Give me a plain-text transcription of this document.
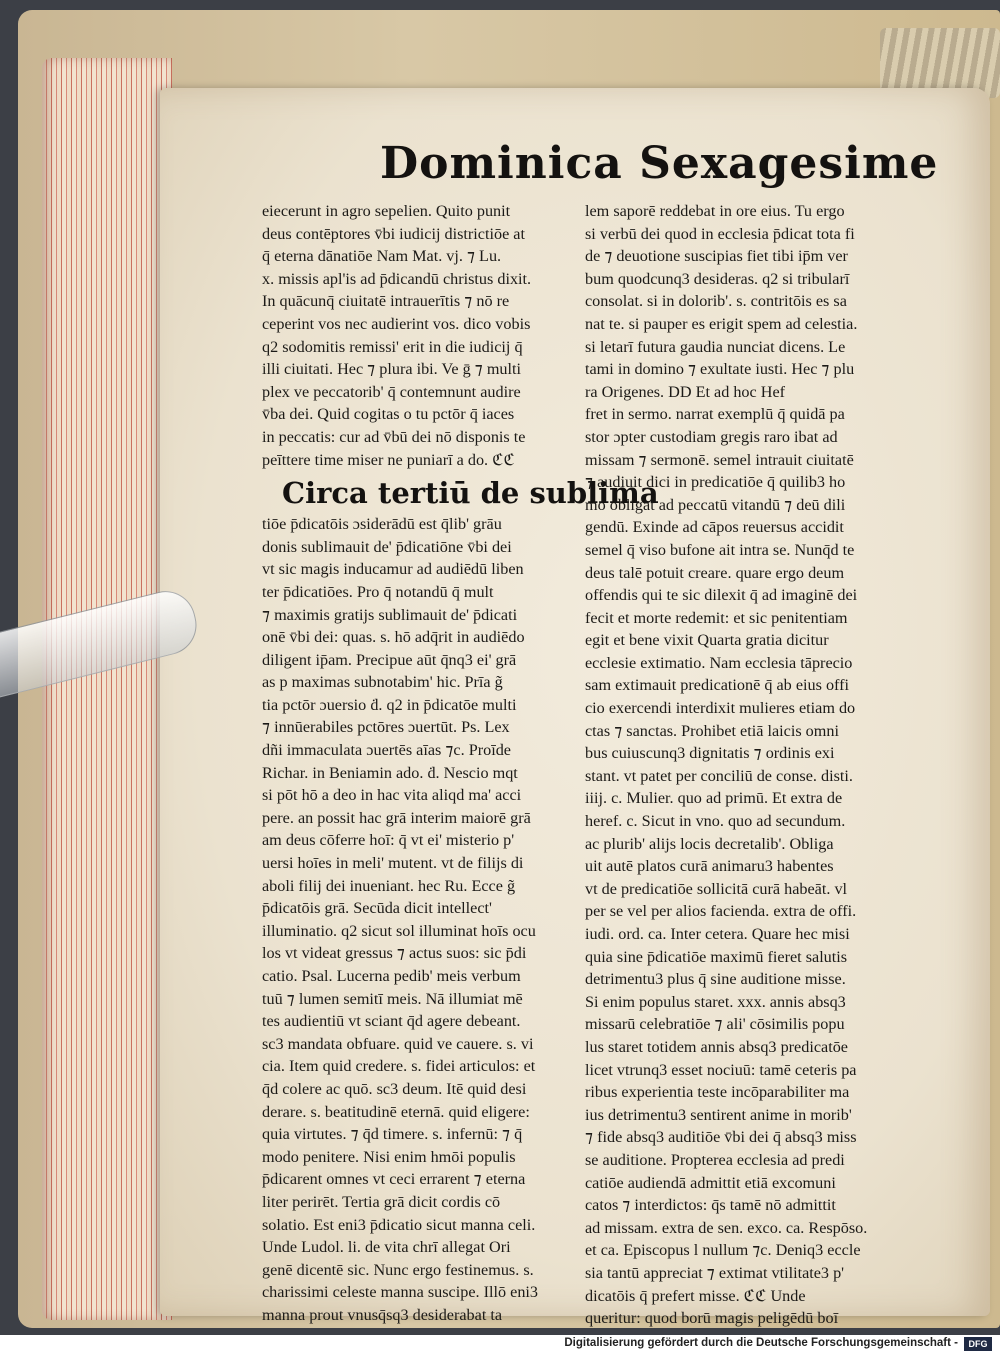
Dominica Sexagesime
eiecerunt in agro sepelien. Quito punit
deus contēptores v̄bi iudicij districtiōe at
q̄ eterna dānatiōe Nam Mat. vj. ⁊ Lu.
x. missis apl'is ad p̄dicandū christus dixit.
In quācunq̄ ciuitatē intrauerītis ⁊ nō re
ceperint vos nec audierint vos. dico vobis
q2 sodomitis remissi' erit in die iudicij q̄
illi ciuitati. Hec ⁊ plura ibi. Ve ḡ ⁊ multi
plex ve peccatorib' q̄ contemnunt audire
v̄ba dei. Quid cogitas o tu pctōr q̄ iaces
in peccatis: cur ad v̄bū dei nō disponis te
peīttere time miser ne puniarī a do. ℭℭ
Circa tertiū de sublima
tiōe p̄dicatōis ɔsiderādū est q̄lib' grāu
donis sublimauit de' p̄dicatiōne v̄bi dei
vt sic magis inducamur ad audiēdū liben
ter p̄dicatiōes. Pro q̄ notandū q̄ mult
⁊ maximis gratijs sublimauit de' p̄dicati
onē v̄bi dei: quas. s. hō adq̄rit in audiēdo
diligent ip̄am. Precipue aūt q̄nq3 ei' grā
as p maximas subnotabim' hic. Prīa g̃
tia pctōr ɔuersio ḋ. q2 in p̄dicatōe multi
⁊ innūerabiles pctōres ɔuertūt. Ps. Lex
dñi immaculata ɔuertēs aīas ⁊c. Proīde
Richar. in Beniamin ado. ḋ. Nescio mqt
si pōt hō a deo in hac vita aliqd ma' acci
pere. an possit hac grā interim maiorē grā
am deus cōferre hoī: q̄ vt ei' misterio p'
uersi hoīes in meli' mutent. vt de filijs di
aboli filij dei inueniant. hec Ru. Ecce g̃
p̄dicatōis grā. Secūda dicit intellect'
illuminatio. q2 sicut sol illuminat hoīs ocu
los vt videat gressus ⁊ actus suos: sic p̄di
catio. Psal. Lucerna pedib' meis verbum
tuū ⁊ lumen semitī meis. Nā illumiat mē
tes audientiū vt sciant q̄d agere debeant.
sc3 mandata obfuare. quid ve cauere. s. vi
cia. Item quid credere. s. fidei articulos: et
q̄d colere ac quō. sc3 deum. Itē quid desi
derare. s. beatitudinē eternā. quid eligere:
quia virtutes. ⁊ q̄d timere. s. infernū: ⁊ q̄
modo penitere. Nisi enim hmōi populis
p̄dicarent omnes vt ceci errarent ⁊ eterna
liter perirēt. Tertia grā dicit cordis cō
solatio. Est eni3 p̄dicatio sicut manna celi.
Unde Ludol. li. de vita chrī allegat Ori
genē dicentē sic. Nunc ergo festinemus. s.
charissimi celeste manna suscipe. Illō eni3
manna prout vnusq̄sq3 desiderabat ta
lem saporē reddebat in ore eius. Tu ergo
si verbū dei quod in ecclesia p̄dicat tota fi
de ⁊ deuotione suscipias fiet tibi ip̄m ver
bum quodcunq3 desideras. q2 si tribularī
consolat. si in dolorib'. s. contritōis es sa
nat te. si pauper es erigit spem ad celestia.
si letarī futura gaudia nunciat dicens. Le
tami in domino ⁊ exultate iusti. Hec ⁊ plu
ra Origenes. DD Et ad hoc Hef
fret in sermo. narrat exemplū q̄ quidā pa
stor ɔpter custodiam gregis raro ibat ad
missam ⁊ sermonē. semel intrauit ciuitatē
⁊ audiuit dici in predicatiōe q̄ quilib3 ho
mo obligat ad peccatū vitandū ⁊ deū dili
gendū. Exinde ad cāpos reuersus accidit
semel q̄ viso bufone ait intra se. Nunq̄d te
deus talē potuit creare. quare ergo deum
offendis qui te sic dilexit q̄ ad imaginē dei
fecit et morte redemit: et sic penitentiam
egit et bene vixit Quarta gratia dicitur
ecclesie extimatio. Nam ecclesia tāprecio
sam extimauit predicationē q̄ ab eius offi
cio exercendi interdixit mulieres etiam do
ctas ⁊ sanctas. Prohibet etiā laicis omni
bus cuiuscunq3 dignitatis ⁊ ordinis exi
stant. vt patet per conciliū de conse. disti.
iiij. c. Mulier. quo ad primū. Et extra de
heref. c. Sicut in vno. quo ad secundum.
ac plurib' alijs locis decretalib'. Obliga
uit autē platos curā animaru3 habentes
vt de predicatiōe sollicitā curā habeāt. vl
per se vel per alios facienda. extra de offi.
iudi. ord. ca. Inter cetera. Quare hec misi
quia sine p̄dicatiōe maximū fieret salutis
detrimentu3 plus q̄ sine auditione misse.
Si enim populus staret. xxx. annis absq3
missarū celebratiōe ⁊ ali' cōsimilis popu
lus staret totidem annis absq3 predicatōe
licet vtrunq3 esset nociuū: tamē ceteris pa
ribus experientia teste incōparabiliter ma
ius detrimentu3 sentirent anime in morib'
⁊ fide absq3 auditiōe v̄bi dei q̄ absq3 miss
se auditione. Propterea ecclesia ad predi
catiōe audiendā admittit etiā excomuni
catos ⁊ interdictos: q̄s tamē nō admittit
ad missam. extra de sen. exco. ca. Respōso.
et ca. Episcopus l nullum ⁊c. Deniq3 eccle
sia tantū appreciat ⁊ extimat vtilitate3 p'
dicatōis q̄ prefert misse. ℭℭ Unde
queritur: quod borū magis peligēdū boī
Digitalisierung gefördert durch die Deutsche Forschungsgemeinschaft -	DFG
